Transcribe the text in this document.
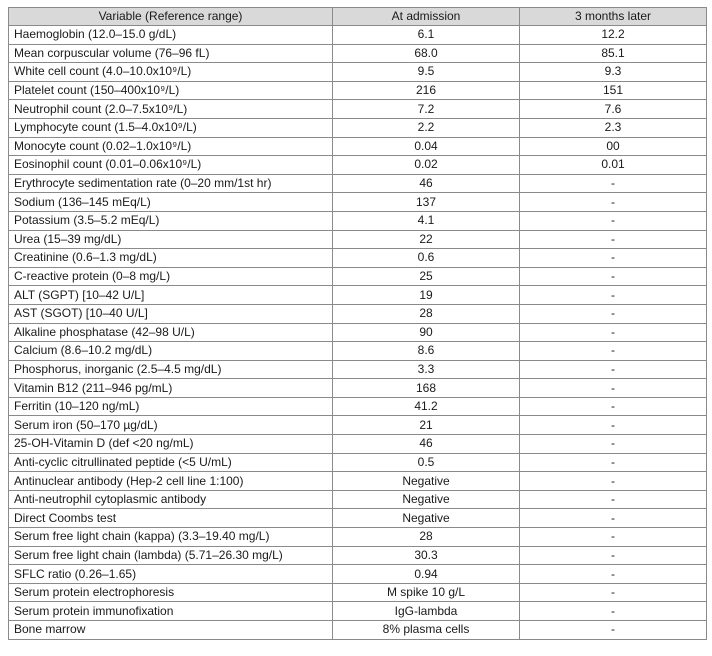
Variable (Reference range)	At admission	3 months later
Haemoglobin (12.0–15.0 g/dL)	6.1	12.2
Mean corpuscular volume (76–96 fL)	68.0	85.1
White cell count (4.0–10.0x10⁹/L)	9.5	9.3
Platelet count (150–400x10⁹/L)	216	151
Neutrophil count (2.0–7.5x10⁹/L)	7.2	7.6
Lymphocyte count (1.5–4.0x10⁹/L)	2.2	2.3
Monocyte count (0.02–1.0x10⁹/L)	0.04	00
Eosinophil count (0.01–0.06x10⁹/L)	0.02	0.01
Erythrocyte sedimentation rate (0–20 mm/1st hr)	46	-
Sodium (136–145 mEq/L)	137	-
Potassium (3.5–5.2 mEq/L)	4.1	-
Urea (15–39 mg/dL)	22	-
Creatinine (0.6–1.3 mg/dL)	0.6	-
C-reactive protein (0–8 mg/L)	25	-
ALT (SGPT) [10–42 U/L]	19	-
AST (SGOT) [10–40 U/L]	28	-
Alkaline phosphatase (42–98 U/L)	90	-
Calcium (8.6–10.2 mg/dL)	8.6	-
Phosphorus, inorganic (2.5–4.5 mg/dL)	3.3	-
Vitamin B12 (211–946 pg/mL)	168	-
Ferritin (10–120 ng/mL)	41.2	-
Serum iron (50–170 µg/dL)	21	-
25-OH-Vitamin D (def <20 ng/mL)	46	-
Anti-cyclic citrullinated peptide (<5 U/mL)	0.5	-
Antinuclear antibody (Hep-2 cell line 1:100)	Negative	-
Anti-neutrophil cytoplasmic antibody	Negative	-
Direct Coombs test	Negative	-
Serum free light chain (kappa) (3.3–19.40 mg/L)	28	-
Serum free light chain (lambda) (5.71–26.30 mg/L)	30.3	-
SFLC ratio (0.26–1.65)	0.94	-
Serum protein electrophoresis	M spike 10 g/L	-
Serum protein immunofixation	IgG-lambda	-
Bone marrow	8% plasma cells	-
